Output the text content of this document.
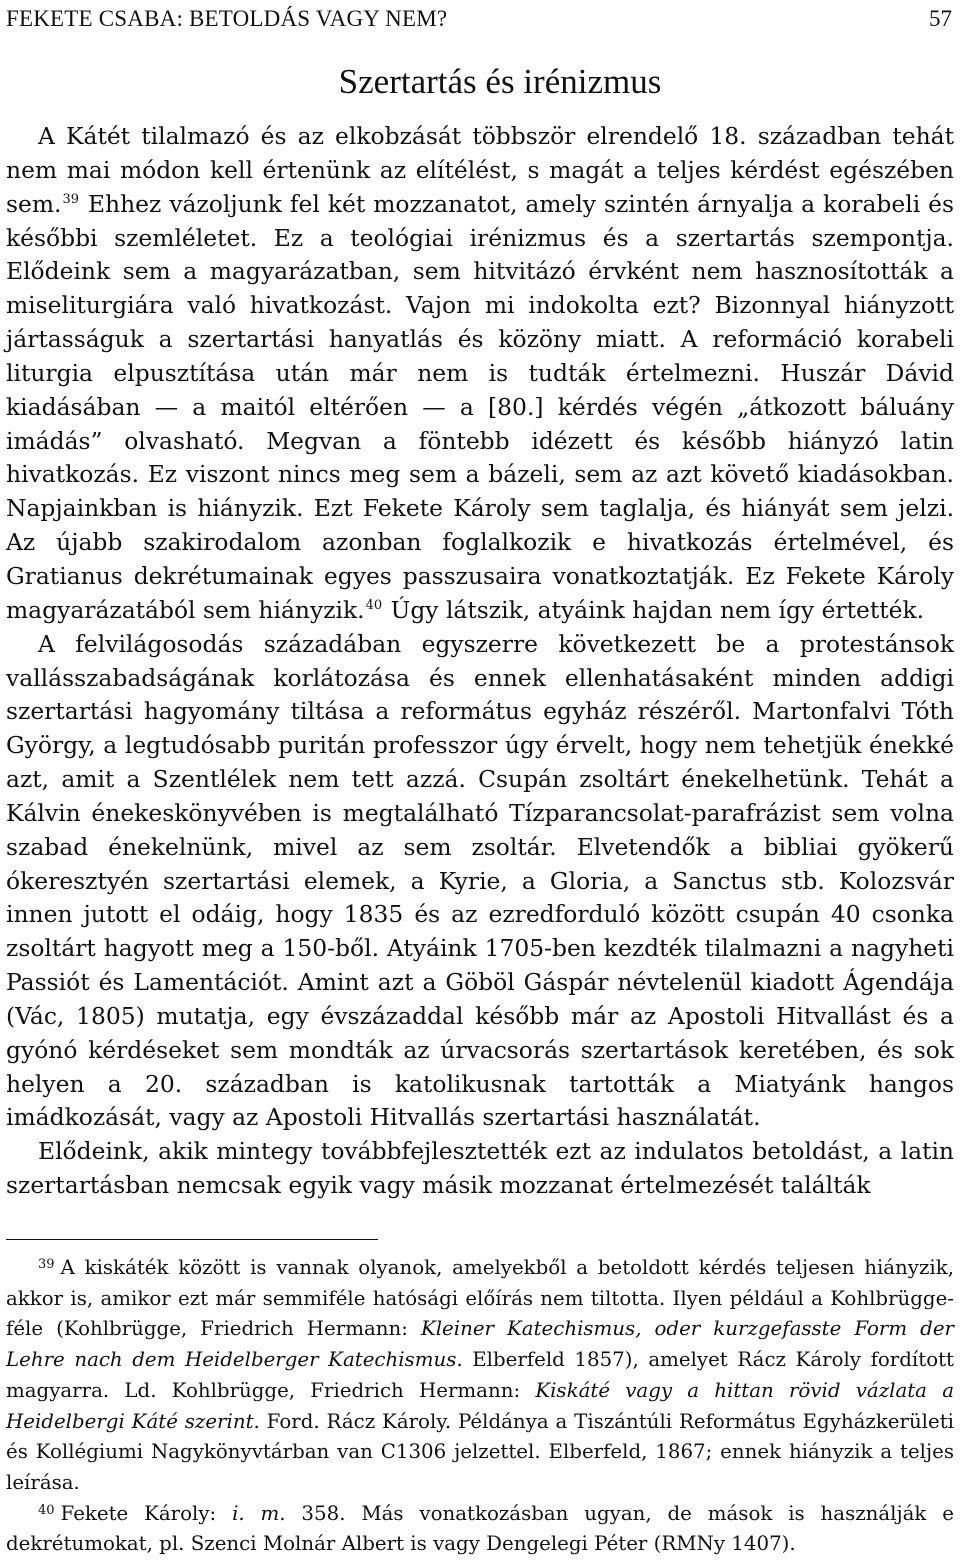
FEKETE CSABA: BETOLDÁS VAGY NEM?	57
Szertartás és irénizmus

A Kátét tilalmazó és az elkobzását többször elrendelő 18. században tehát nem mai módon kell értenünk az elítélést, s magát a teljes kérdést egészében sem.$^{39}$ Ehhez vázoljunk fel két mozzanatot, amely szintén árnyalja a korabeli és későbbi szemléletet. Ez a teológiai irénizmus és a szertartás szempontja. Elődeink sem a magyarázatban, sem hitvitázó érvként nem hasznosították a miseliturgiára való hivatkozást. Vajon mi indokolta ezt? Bizonnyal hiányzott jártasságuk a szertartási hanyatlás és közöny miatt. A reformáció korabeli liturgia elpusztítása után már nem is tudták értelmezni. Huszár Dávid kiadásában — a maitól eltérően — a [80.] kérdés végén „átkozott báluány imádás” olvasható. Megvan a föntebb idézett és később hiányzó latin hivatkozás. Ez viszont nincs meg sem a bázeli, sem az azt követő kiadásokban. Napjainkban is hiányzik. Ezt Fekete Károly sem taglalja, és hiányát sem jelzi. Az újabb szakirodalom azonban foglalkozik e hivatkozás értelmével, és Gratianus dekrétumainak egyes passzusaira vonatkoztatják. Ez Fekete Károly magyarázatából sem hiányzik.$^{40}$ Úgy látszik, atyáink hajdan nem így értették.

A felvilágosodás századában egyszerre következett be a protestánsok vallásszabadságának korlátozása és ennek ellenhatásaként minden addigi szertartási hagyomány tiltása a református egyház részéről. Martonfalvi Tóth György, a legtudósabb puritán professzor úgy érvelt, hogy nem tehetjük énekké azt, amit a Szentlélek nem tett azzá. Csupán zsoltárt énekelhetünk. Tehát a Kálvin énekeskönyvében is megtalálható Tízparancsolat-parafrázist sem volna szabad énekelnünk, mivel az sem zsoltár. Elvetendők a bibliai gyökerű ókeresztyén szertartási elemek, a Kyrie, a Gloria, a Sanctus stb. Kolozsvár innen jutott el odáig, hogy 1835 és az ezredforduló között csupán 40 csonka zsoltárt hagyott meg a 150-ből. Atyáink 1705-ben kezdték tilalmazni a nagyheti Passiót és Lamentációt. Amint azt a Göböl Gáspár névtelenül kiadott Ágendája (Vác, 1805) mutatja, egy évszázaddal később már az Apostoli Hitvallást és a gyónó kérdéseket sem mondták az úrvacsorás szertartások keretében, és sok helyen a 20. században is katolikusnak tartották a Miatyánk hangos imádkozását, vagy az Apostoli Hitvallás szertartási használatát.

Elődeink, akik mintegy továbbfejlesztették ezt az indulatos betoldást, a latin szertartásban nemcsak egyik vagy másik mozzanat értelmezését találták

$^{39}$ A kiskáték között is vannak olyanok, amelyekből a betoldott kérdés teljesen hiányzik, akkor is, amikor ezt már semmiféle hatósági előírás nem tiltotta. Ilyen például a Kohlbrügge-féle (Kohlbrügge, Friedrich Hermann: Kleiner Katechismus, oder kurzgefasste Form der Lehre nach dem Heidelberger Katechismus. Elberfeld 1857), amelyet Rácz Károly fordított magyarra. Ld. Kohlbrügge, Friedrich Hermann: Kiskáté vagy a hittan rövid vázlata a Heidelbergi Káté szerint. Ford. Rácz Károly. Példánya a Tiszántúli Református Egyházkerületi és Kollégiumi Nagykönyvtárban van C1306 jelzettel. Elberfeld, 1867; ennek hiányzik a teljes leírása.

$^{40}$ Fekete Károly: i. m. 358. Más vonatkozásban ugyan, de mások is használják e dekrétumokat, pl. Szenci Molnár Albert is vagy Dengelegi Péter (RMNy 1407).
